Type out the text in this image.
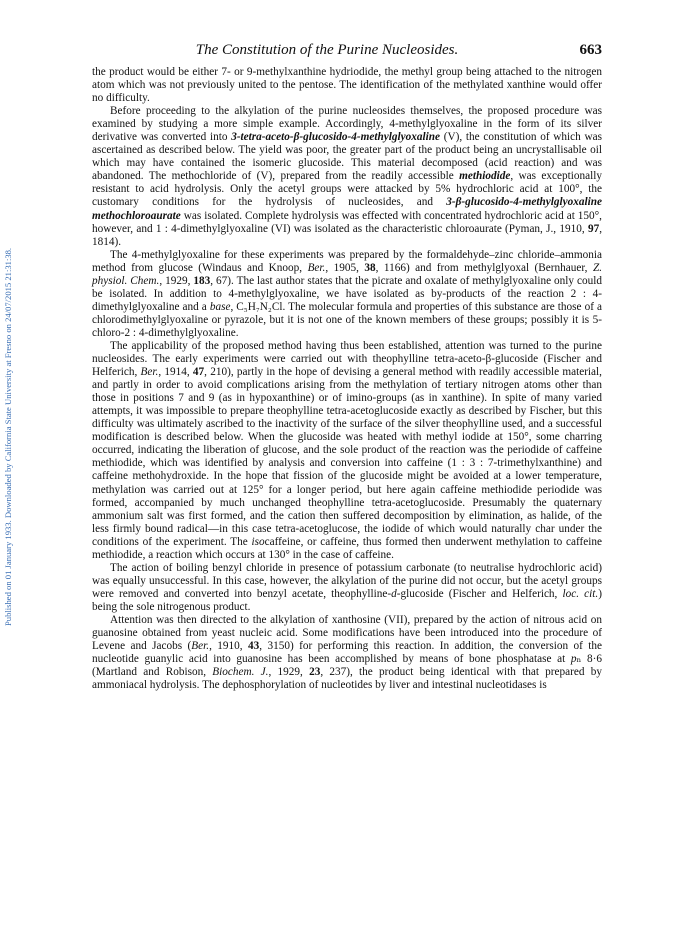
Published on 01 January 1933. Downloaded by California State University at Fresno on 24/07/2015 21:31:38.
The Constitution of the Purine Nucleosides.	663

the product would be either 7- or 9-methylxanthine hydriodide, the methyl group being attached to the nitrogen atom which was not previously united to the pentose. The identification of the methylated xanthine would offer no difficulty.

Before proceeding to the alkylation of the purine nucleosides themselves, the proposed procedure was examined by studying a more simple example. Accordingly, 4-methylglyoxaline in the form of its silver derivative was converted into 3-tetra-aceto-β-glucosido-4-methylglyoxaline (V), the constitution of which was ascertained as described below. The yield was poor, the greater part of the product being an uncrystallisable oil which may have contained the isomeric glucoside. This material decomposed (acid reaction) and was abandoned. The methochloride of (V), prepared from the readily accessible methiodide, was exceptionally resistant to acid hydrolysis. Only the acetyl groups were attacked by 5% hydrochloric acid at 100°, the customary conditions for the hydrolysis of nucleosides, and 3-β-glucosido-4-methylglyoxaline methochloroaurate was isolated. Complete hydrolysis was effected with concentrated hydrochloric acid at 150°, however, and 1 : 4-dimethylglyoxaline (VI) was isolated as the characteristic chloroaurate (Pyman, J., 1910, 97, 1814).

The 4-methylglyoxaline for these experiments was prepared by the formaldehyde–zinc chloride–ammonia method from glucose (Windaus and Knoop, Ber., 1905, 38, 1166) and from methylglyoxal (Bernhauer, Z. physiol. Chem., 1929, 183, 67). The last author states that the picrate and oxalate of methylglyoxaline only could be isolated. In addition to 4-methylglyoxaline, we have isolated as by-products of the reaction 2 : 4-dimethylglyoxaline and a base, C₅H₇N₂Cl. The molecular formula and properties of this substance are those of a chlorodimethylglyoxaline or pyrazole, but it is not one of the known members of these groups; possibly it is 5-chloro-2 : 4-dimethylglyoxaline.

The applicability of the proposed method having thus been established, attention was turned to the purine nucleosides. The early experiments were carried out with theophylline tetra-aceto-β-glucoside (Fischer and Helferich, Ber., 1914, 47, 210), partly in the hope of devising a general method with readily accessible material, and partly in order to avoid complications arising from the methylation of tertiary nitrogen atoms other than those in positions 7 and 9 (as in hypoxanthine) or of imino-groups (as in xanthine). In spite of many varied attempts, it was impossible to prepare theophylline tetra-acetoglucoside exactly as described by Fischer, but this difficulty was ultimately ascribed to the inactivity of the surface of the silver theophylline used, and a successful modification is described below. When the glucoside was heated with methyl iodide at 150°, some charring occurred, indicating the liberation of glucose, and the sole product of the reaction was the periodide of caffeine methiodide, which was identified by analysis and conversion into caffeine (1 : 3 : 7-trimethylxanthine) and caffeine methohydroxide. In the hope that fission of the glucoside might be avoided at a lower temperature, methylation was carried out at 125° for a longer period, but here again caffeine methiodide periodide was formed, accompanied by much unchanged theophylline tetra-acetoglucoside. Presumably the quaternary ammonium salt was first formed, and the cation then suffered decomposition by elimination, as halide, of the less firmly bound radical—in this case tetra-acetoglucose, the iodide of which would naturally char under the conditions of the experiment. The isocaffeine, or caffeine, thus formed then underwent methylation to caffeine methiodide, a reaction which occurs at 130° in the case of caffeine.

The action of boiling benzyl chloride in presence of potassium carbonate (to neutralise hydrochloric acid) was equally unsuccessful. In this case, however, the alkylation of the purine did not occur, but the acetyl groups were removed and converted into benzyl acetate, theophylline-d-glucoside (Fischer and Helferich, loc. cit.) being the sole nitrogenous product.

Attention was then directed to the alkylation of xanthosine (VII), prepared by the action of nitrous acid on guanosine obtained from yeast nucleic acid. Some modifications have been introduced into the procedure of Levene and Jacobs (Ber., 1910, 43, 3150) for performing this reaction. In addition, the conversion of the nucleotide guanylic acid into guanosine has been accomplished by means of bone phosphatase at pₙ 8·6 (Martland and Robison, Biochem. J., 1929, 23, 237), the product being identical with that prepared by ammoniacal hydrolysis. The dephosphorylation of nucleotides by liver and intestinal nucleotidases is
